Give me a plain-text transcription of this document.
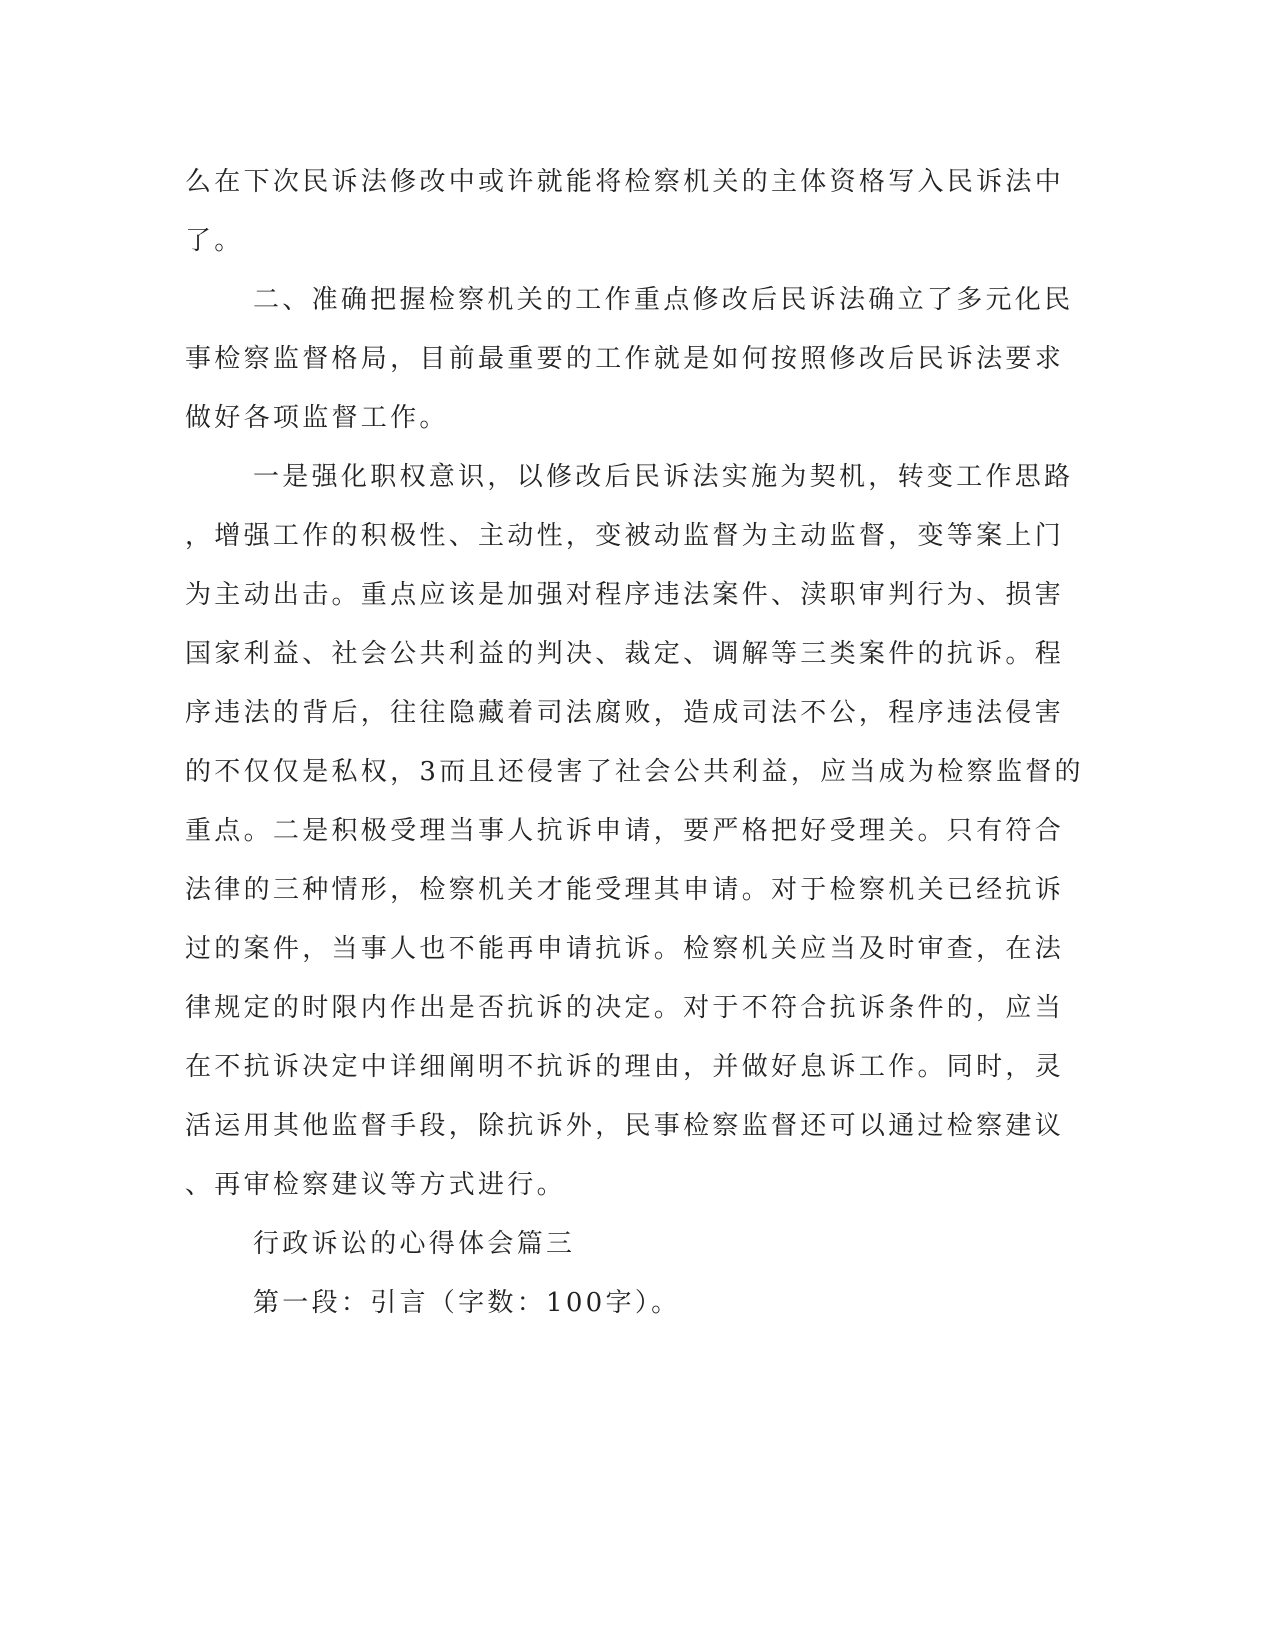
么在下次民诉法修改中或许就能将检察机关的主体资格写入民诉法中
了。
二、准确把握检察机关的工作重点修改后民诉法确立了多元化民
事检察监督格局，目前最重要的工作就是如何按照修改后民诉法要求
做好各项监督工作。
一是强化职权意识，以修改后民诉法实施为契机，转变工作思路
，增强工作的积极性、主动性，变被动监督为主动监督，变等案上门
为主动出击。重点应该是加强对程序违法案件、渎职审判行为、损害
国家利益、社会公共利益的判决、裁定、调解等三类案件的抗诉。程
序违法的背后，往往隐藏着司法腐败，造成司法不公，程序违法侵害
的不仅仅是私权，3而且还侵害了社会公共利益，应当成为检察监督的
重点。二是积极受理当事人抗诉申请，要严格把好受理关。只有符合
法律的三种情形，检察机关才能受理其申请。对于检察机关已经抗诉
过的案件，当事人也不能再申请抗诉。检察机关应当及时审查，在法
律规定的时限内作出是否抗诉的决定。对于不符合抗诉条件的，应当
在不抗诉决定中详细阐明不抗诉的理由，并做好息诉工作。同时，灵
活运用其他监督手段，除抗诉外，民事检察监督还可以通过检察建议
、再审检察建议等方式进行。
行政诉讼的心得体会篇三
第一段：引言（字数：100字）。
